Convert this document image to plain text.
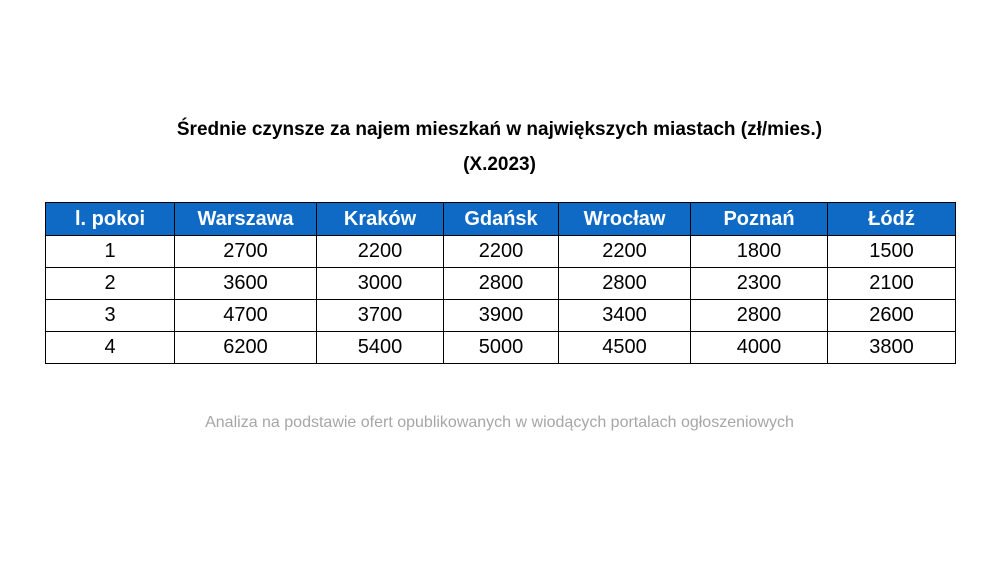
Średnie czynsze za najem mieszkań w największych miastach (zł/mies.)
(X.2023)
l. pokoi	Warszawa	Kraków	Gdańsk	Wrocław	Poznań	Łódź
1	2700	2200	2200	2200	1800	1500
2	3600	3000	2800	2800	2300	2100
3	4700	3700	3900	3400	2800	2600
4	6200	5400	5000	4500	4000	3800
Analiza na podstawie ofert opublikowanych w wiodących portalach ogłoszeniowych
